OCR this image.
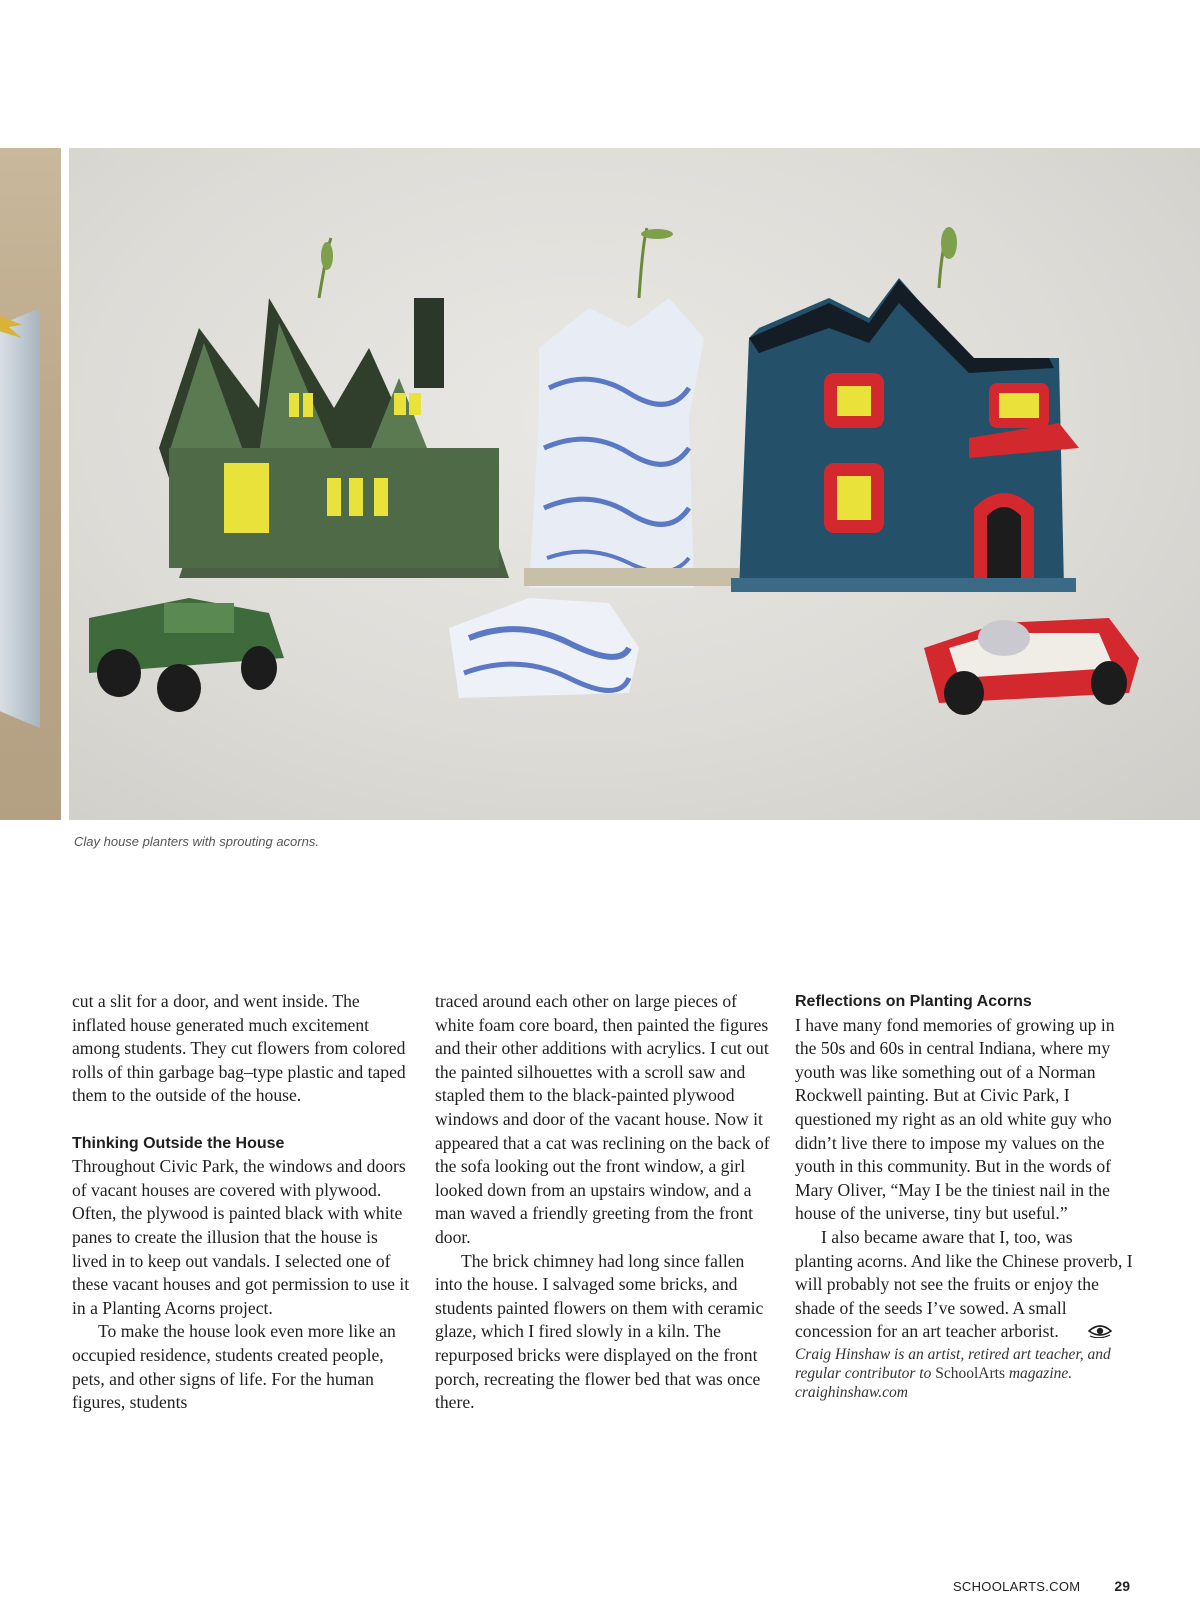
Clay house planters with sprouting acorns.

cut a slit for a door, and went inside. The inflated house generated much excitement among students. They cut flowers from colored rolls of thin garbage bag–type plastic and taped them to the outside of the house.

Thinking Outside the House

Throughout Civic Park, the windows and doors of vacant houses are covered with plywood. Often, the plywood is painted black with white panes to create the illusion that the house is lived in to keep out vandals. I selected one of these vacant houses and got permission to use it in a Planting Acorns project.

To make the house look even more like an occupied residence, students created people, pets, and other signs of life. For the human figures, students

traced around each other on large pieces of white foam core board, then painted the figures and their other additions with acrylics. I cut out the painted silhouettes with a scroll saw and stapled them to the black-painted plywood windows and door of the vacant house. Now it appeared that a cat was reclining on the back of the sofa looking out the front window, a girl looked down from an upstairs window, and a man waved a friendly greeting from the front door.

The brick chimney had long since fallen into the house. I salvaged some bricks, and students painted flowers on them with ceramic glaze, which I fired slowly in a kiln. The repurposed bricks were displayed on the front porch, recreating the flower bed that was once there.

Reflections on Planting Acorns

I have many fond memories of growing up in the 50s and 60s in central Indiana, where my youth was like something out of a Norman Rockwell painting. But at Civic Park, I questioned my right as an old white guy who didn’t live there to impose my values on the youth in this community. But in the words of Mary Oliver, “May I be the tiniest nail in the house of the universe, tiny but useful.”

I also became aware that I, too, was planting acorns. And like the Chinese proverb, I will probably not see the fruits or enjoy the shade of the seeds I’ve sowed. A small concession for an art teacher arborist.

Craig Hinshaw is an artist, retired art teacher, and regular contributor to SchoolArts magazine. craighinshaw.com

SCHOOLARTS.COM 29
